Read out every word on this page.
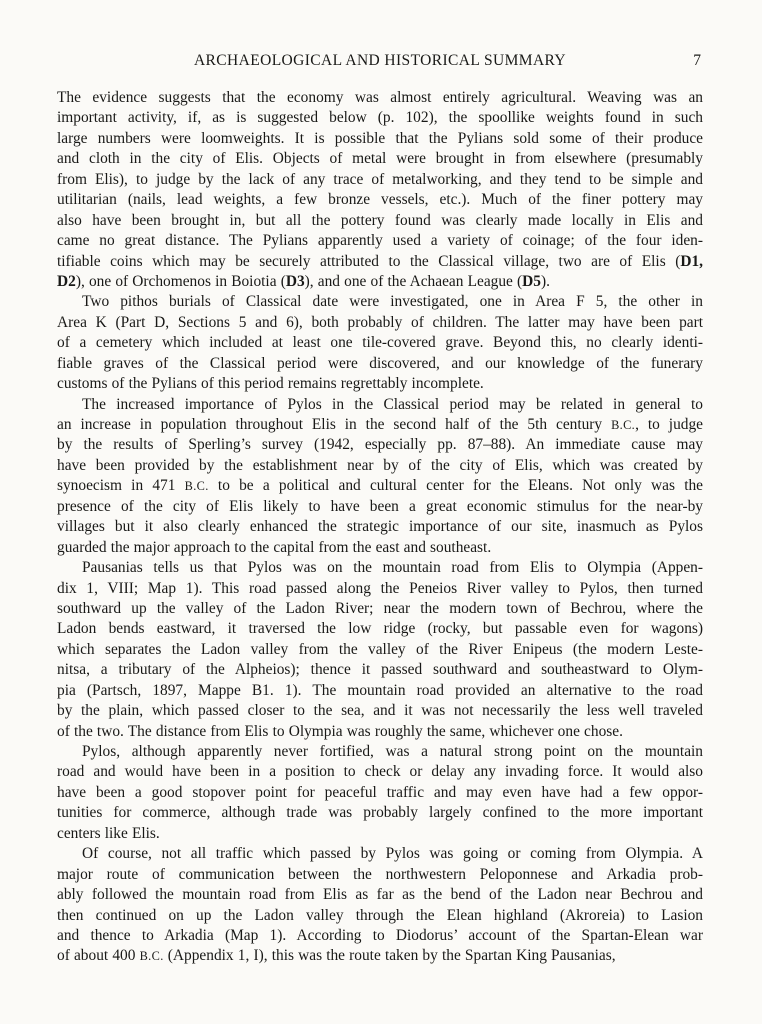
ARCHAEOLOGICAL AND HISTORICAL SUMMARY	7
The evidence suggests that the economy was almost entirely agricultural. Weaving was an
important activity, if, as is suggested below (p. 102), the spoollike weights found in such
large numbers were loomweights. It is possible that the Pylians sold some of their produce
and cloth in the city of Elis. Objects of metal were brought in from elsewhere (presumably
from Elis), to judge by the lack of any trace of metalworking, and they tend to be simple and
utilitarian (nails, lead weights, a few bronze vessels, etc.). Much of the finer pottery may
also have been brought in, but all the pottery found was clearly made locally in Elis and
came no great distance. The Pylians apparently used a variety of coinage; of the four iden-
tifiable coins which may be securely attributed to the Classical village, two are of Elis (D1,
D2), one of Orchomenos in Boiotia (D3), and one of the Achaean League (D5).
Two pithos burials of Classical date were investigated, one in Area F 5, the other in
Area K (Part D, Sections 5 and 6), both probably of children. The latter may have been part
of a cemetery which included at least one tile-covered grave. Beyond this, no clearly identi-
fiable graves of the Classical period were discovered, and our knowledge of the funerary
customs of the Pylians of this period remains regrettably incomplete.
The increased importance of Pylos in the Classical period may be related in general to
an increase in population throughout Elis in the second half of the 5th century B.C., to judge
by the results of Sperling’s survey (1942, especially pp. 87–88). An immediate cause may
have been provided by the establishment near by of the city of Elis, which was created by
synoecism in 471 B.C. to be a political and cultural center for the Eleans. Not only was the
presence of the city of Elis likely to have been a great economic stimulus for the near-by
villages but it also clearly enhanced the strategic importance of our site, inasmuch as Pylos
guarded the major approach to the capital from the east and southeast.
Pausanias tells us that Pylos was on the mountain road from Elis to Olympia (Appen-
dix 1, VIII; Map 1). This road passed along the Peneios River valley to Pylos, then turned
southward up the valley of the Ladon River; near the modern town of Bechrou, where the
Ladon bends eastward, it traversed the low ridge (rocky, but passable even for wagons)
which separates the Ladon valley from the valley of the River Enipeus (the modern Leste-
nitsa, a tributary of the Alpheios); thence it passed southward and southeastward to Olym-
pia (Partsch, 1897, Mappe B1. 1). The mountain road provided an alternative to the road
by the plain, which passed closer to the sea, and it was not necessarily the less well traveled
of the two. The distance from Elis to Olympia was roughly the same, whichever one chose.
Pylos, although apparently never fortified, was a natural strong point on the mountain
road and would have been in a position to check or delay any invading force. It would also
have been a good stopover point for peaceful traffic and may even have had a few oppor-
tunities for commerce, although trade was probably largely confined to the more important
centers like Elis.
Of course, not all traffic which passed by Pylos was going or coming from Olympia. A
major route of communication between the northwestern Peloponnese and Arkadia prob-
ably followed the mountain road from Elis as far as the bend of the Ladon near Bechrou and
then continued on up the Ladon valley through the Elean highland (Akroreia) to Lasion
and thence to Arkadia (Map 1). According to Diodorus’ account of the Spartan-Elean war
of about 400 B.C. (Appendix 1, I), this was the route taken by the Spartan King Pausanias,
